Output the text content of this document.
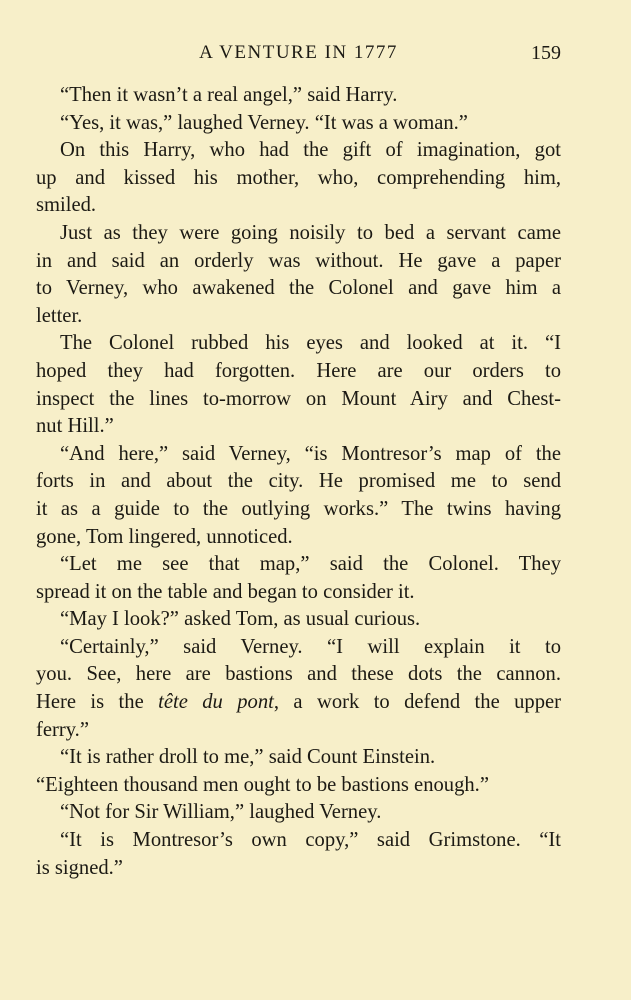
A VENTURE IN 1777	159
“Then it wasn’t a real angel,” said Harry.
“Yes, it was,” laughed Verney. “It was a woman.”
On this Harry, who had the gift of imagination, got
up and kissed his mother, who, comprehending him,
smiled.
Just as they were going noisily to bed a servant came
in and said an orderly was without. He gave a paper
to Verney, who awakened the Colonel and gave him a
letter.
The Colonel rubbed his eyes and looked at it. “I
hoped they had forgotten. Here are our orders to
inspect the lines to-morrow on Mount Airy and Chest-
nut Hill.”
“And here,” said Verney, “is Montresor’s map of the
forts in and about the city. He promised me to send
it as a guide to the outlying works.” The twins having
gone, Tom lingered, unnoticed.
“Let me see that map,” said the Colonel. They
spread it on the table and began to consider it.
“May I look?” asked Tom, as usual curious.
“Certainly,” said Verney. “I will explain it to
you. See, here are bastions and these dots the cannon.
Here is the tête du pont, a work to defend the upper
ferry.”
“It is rather droll to me,” said Count Einstein.
“Eighteen thousand men ought to be bastions enough.”
“Not for Sir William,” laughed Verney.
“It is Montresor’s own copy,” said Grimstone. “It
is signed.”
